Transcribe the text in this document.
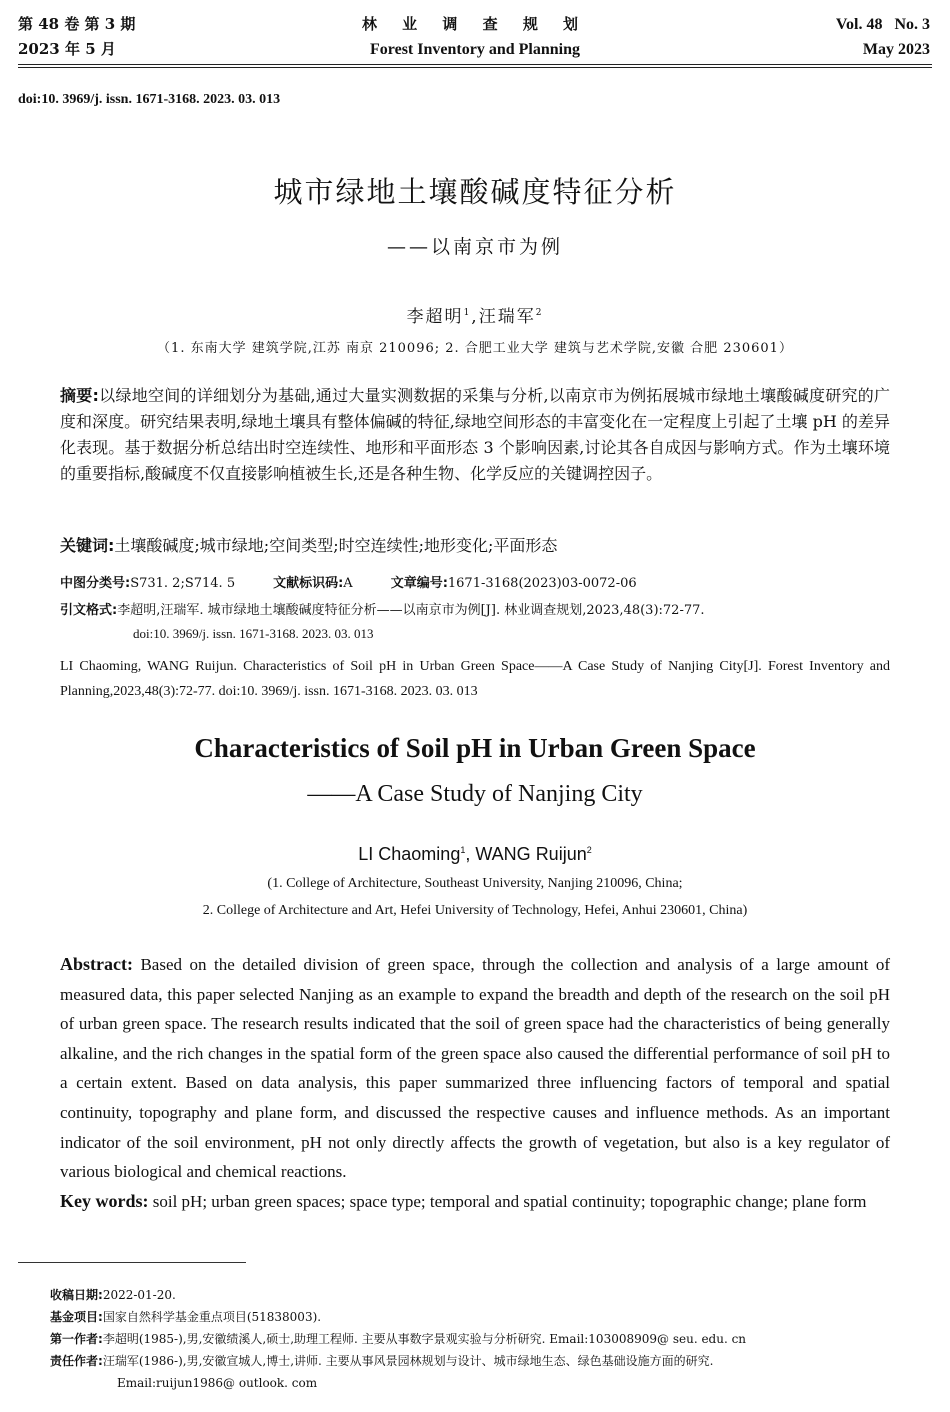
第 48 卷 第 3 期
2023 年 5 月
林 业 调 查 规 划
Forest Inventory and Planning
Vol. 48   No. 3
May 2023
doi:10. 3969/j. issn. 1671-3168. 2023. 03. 013
城市绿地土壤酸碱度特征分析
——以南京市为例
李超明$^1$,汪瑞军$^2$
（1. 东南大学 建筑学院,江苏 南京 210096; 2. 合肥工业大学 建筑与艺术学院,安徽 合肥 230601）
摘要:以绿地空间的详细划分为基础,通过大量实测数据的采集与分析,以南京市为例拓展城市绿地土壤酸碱度研究的广度和深度。研究结果表明,绿地土壤具有整体偏碱的特征,绿地空间形态的丰富变化在一定程度上引起了土壤 pH 的差异化表现。基于数据分析总结出时空连续性、地形和平面形态 3 个影响因素,讨论其各自成因与影响方式。作为土壤环境的重要指标,酸碱度不仅直接影响植被生长,还是各种生物、化学反应的关键调控因子。
关键词:土壤酸碱度;城市绿地;空间类型;时空连续性;地形变化;平面形态
中图分类号:S731. 2;S714. 5	文献标识码:A	文章编号:1671-3168(2023)03-0072-06
引文格式:李超明,汪瑞军. 城市绿地土壤酸碱度特征分析——以南京市为例[J]. 林业调查规划,2023,48(3):72-77.
doi:10. 3969/j. issn. 1671-3168. 2023. 03. 013
LI Chaoming, WANG Ruijun. Characteristics of Soil pH in Urban Green Space——A Case Study of Nanjing City[J]. Forest Inventory and Planning,2023,48(3):72-77. doi:10. 3969/j. issn. 1671-3168. 2023. 03. 013
Characteristics of Soil pH in Urban Green Space
——A Case Study of Nanjing City
LI Chaoming$^1$, WANG Ruijun$^2$
(1. College of Architecture, Southeast University, Nanjing 210096, China;
2. College of Architecture and Art, Hefei University of Technology, Hefei, Anhui 230601, China)
Abstract: Based on the detailed division of green space, through the collection and analysis of a large amount of measured data, this paper selected Nanjing as an example to expand the breadth and depth of the research on the soil pH of urban green space. The research results indicated that the soil of green space had the characteristics of being generally alkaline, and the rich changes in the spatial form of the green space also caused the differential performance of soil pH to a certain extent. Based on data analysis, this paper summarized three influencing factors of temporal and spatial continuity, topography and plane form, and discussed the respective causes and influence methods. As an important indicator of the soil environment, pH not only directly affects the growth of vegetation, but also is a key regulator of various biological and chemical reactions.
Key words: soil pH; urban green spaces; space type; temporal and spatial continuity; topographic change; plane form
收稿日期:2022-01-20.
基金项目:国家自然科学基金重点项目(51838003).
第一作者:李超明(1985-),男,安徽绩溪人,硕士,助理工程师. 主要从事数字景观实验与分析研究. Email:103008909@ seu. edu. cn
责任作者:汪瑞军(1986-),男,安徽宣城人,博士,讲师. 主要从事风景园林规划与设计、城市绿地生态、绿色基础设施方面的研究.
Email:ruijun1986@ outlook. com
